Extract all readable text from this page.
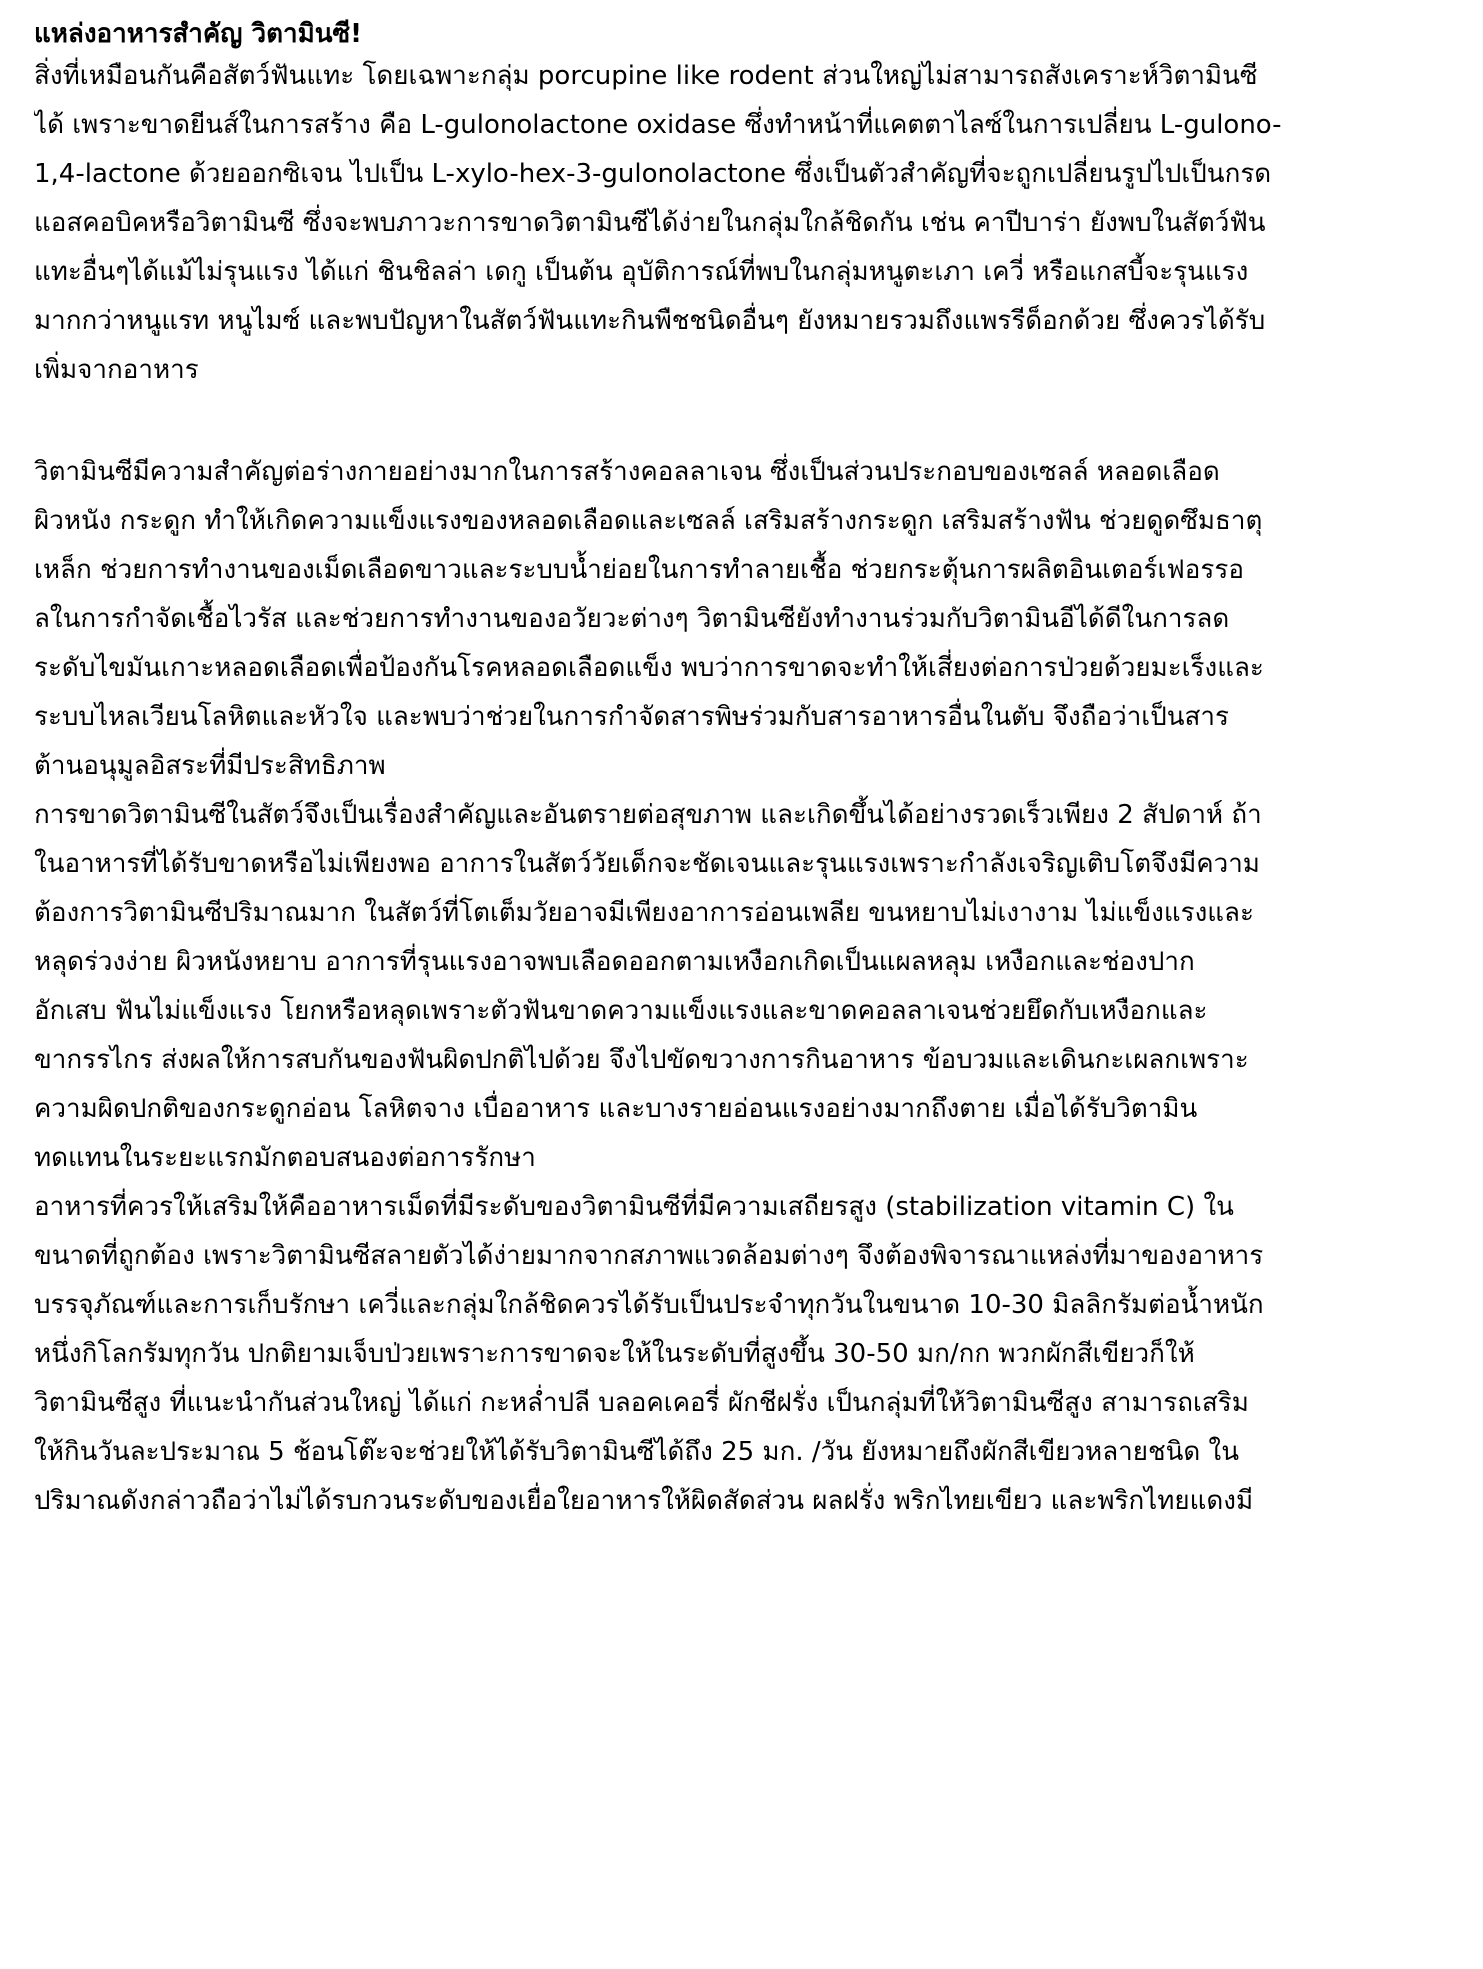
แหล่งอาหารสำคัญ วิตามินซี!
สิ่งที่เหมือนกันคือสัตว์ฟันแทะ โดยเฉพาะกลุ่ม porcupine like rodent ส่วนใหญ่ไม่สามารถสังเคราะห์วิตามินซี
ได้ เพราะขาดยีนส์ในการสร้าง คือ L-gulonolactone oxidase ซึ่งทำหน้าที่แคตตาไลซ์ในการเปลี่ยน L-gulono-
1,4-lactone ด้วยออกซิเจน ไปเป็น L-xylo-hex-3-gulonolactone ซึ่งเป็นตัวสำคัญที่จะถูกเปลี่ยนรูปไปเป็นกรด
แอสคอบิคหรือวิตามินซี ซึ่งจะพบภาวะการขาดวิตามินซีได้ง่ายในกลุ่มใกล้ชิดกัน เช่น คาปีบาร่า ยังพบในสัตว์ฟัน
แทะอื่นๆได้แม้ไม่รุนแรง ได้แก่ ชินชิลล่า เดกู เป็นต้น อุบัติการณ์ที่พบในกลุ่มหนูตะเภา เควี่ หรือแกสบี้จะรุนแรง
มากกว่าหนูแรท หนูไมซ์ และพบปัญหาในสัตว์ฟันแทะกินพืชชนิดอื่นๆ ยังหมายรวมถึงแพรรีด็อกด้วย ซึ่งควรได้รับ
เพิ่มจากอาหาร
วิตามินซีมีความสำคัญต่อร่างกายอย่างมากในการสร้างคอลลาเจน ซึ่งเป็นส่วนประกอบของเซลล์ หลอดเลือด
ผิวหนัง กระดูก ทำให้เกิดความแข็งแรงของหลอดเลือดและเซลล์ เสริมสร้างกระดูก เสริมสร้างฟัน ช่วยดูดซึมธาตุ
เหล็ก ช่วยการทำงานของเม็ดเลือดขาวและระบบน้ำย่อยในการทำลายเชื้อ ช่วยกระตุ้นการผลิตอินเตอร์เฟอรรอ
ลในการกำจัดเชื้อไวรัส และช่วยการทำงานของอวัยวะต่างๆ วิตามินซียังทำงานร่วมกับวิตามินอีได้ดีในการลด
ระดับไขมันเกาะหลอดเลือดเพื่อป้องกันโรคหลอดเลือดแข็ง พบว่าการขาดจะทำให้เสี่ยงต่อการป่วยด้วยมะเร็งและ
ระบบไหลเวียนโลหิตและหัวใจ และพบว่าช่วยในการกำจัดสารพิษร่วมกับสารอาหารอื่นในตับ จึงถือว่าเป็นสาร
ต้านอนุมูลอิสระที่มีประสิทธิภาพ
การขาดวิตามินซีในสัตว์จึงเป็นเรื่องสำคัญและอันตรายต่อสุขภาพ และเกิดขึ้นได้อย่างรวดเร็วเพียง 2 สัปดาห์ ถ้า
ในอาหารที่ได้รับขาดหรือไม่เพียงพอ อาการในสัตว์วัยเด็กจะชัดเจนและรุนแรงเพราะกำลังเจริญเติบโตจึงมีความ
ต้องการวิตามินซีปริมาณมาก ในสัตว์ที่โตเต็มวัยอาจมีเพียงอาการอ่อนเพลีย ขนหยาบไม่เงางาม ไม่แข็งแรงและ
หลุดร่วงง่าย ผิวหนังหยาบ อาการที่รุนแรงอาจพบเลือดออกตามเหงือกเกิดเป็นแผลหลุม เหงือกและช่องปาก
อักเสบ ฟันไม่แข็งแรง โยกหรือหลุดเพราะตัวฟันขาดความแข็งแรงและขาดคอลลาเจนช่วยยึดกับเหงือกและ
ขากรรไกร ส่งผลให้การสบกันของฟันผิดปกติไปด้วย จึงไปขัดขวางการกินอาหาร ข้อบวมและเดินกะเผลกเพราะ
ความผิดปกติของกระดูกอ่อน โลหิตจาง เบื่ออาหาร และบางรายอ่อนแรงอย่างมากถึงตาย เมื่อได้รับวิตามิน
ทดแทนในระยะแรกมักตอบสนองต่อการรักษา
อาหารที่ควรให้เสริมให้คืออาหารเม็ดที่มีระดับของวิตามินซีที่มีความเสถียรสูง (stabilization vitamin C) ใน
ขนาดที่ถูกต้อง เพราะวิตามินซีสลายตัวได้ง่ายมากจากสภาพแวดล้อมต่างๆ จึงต้องพิจารณาแหล่งที่มาของอาหาร
บรรจุภัณฑ์และการเก็บรักษา เควี่และกลุ่มใกล้ชิดควรได้รับเป็นประจำทุกวันในขนาด 10-30 มิลลิกรัมต่อน้ำหนัก
หนึ่งกิโลกรัมทุกวัน ปกติยามเจ็บป่วยเพราะการขาดจะให้ในระดับที่สูงขึ้น 30-50 มก/กก พวกผักสีเขียวก็ให้
วิตามินซีสูง ที่แนะนำกันส่วนใหญ่ ได้แก่ กะหล่ำปลี บลอคเคอรี่ ผักชีฝรั่ง เป็นกลุ่มที่ให้วิตามินซีสูง สามารถเสริม
ให้กินวันละประมาณ 5 ช้อนโต๊ะจะช่วยให้ได้รับวิตามินซีได้ถึง 25 มก. /วัน ยังหมายถึงผักสีเขียวหลายชนิด ใน
ปริมาณดังกล่าวถือว่าไม่ได้รบกวนระดับของเยื่อใยอาหารให้ผิดสัดส่วน ผลฝรั่ง พริกไทยเขียว และพริกไทยแดงมี
